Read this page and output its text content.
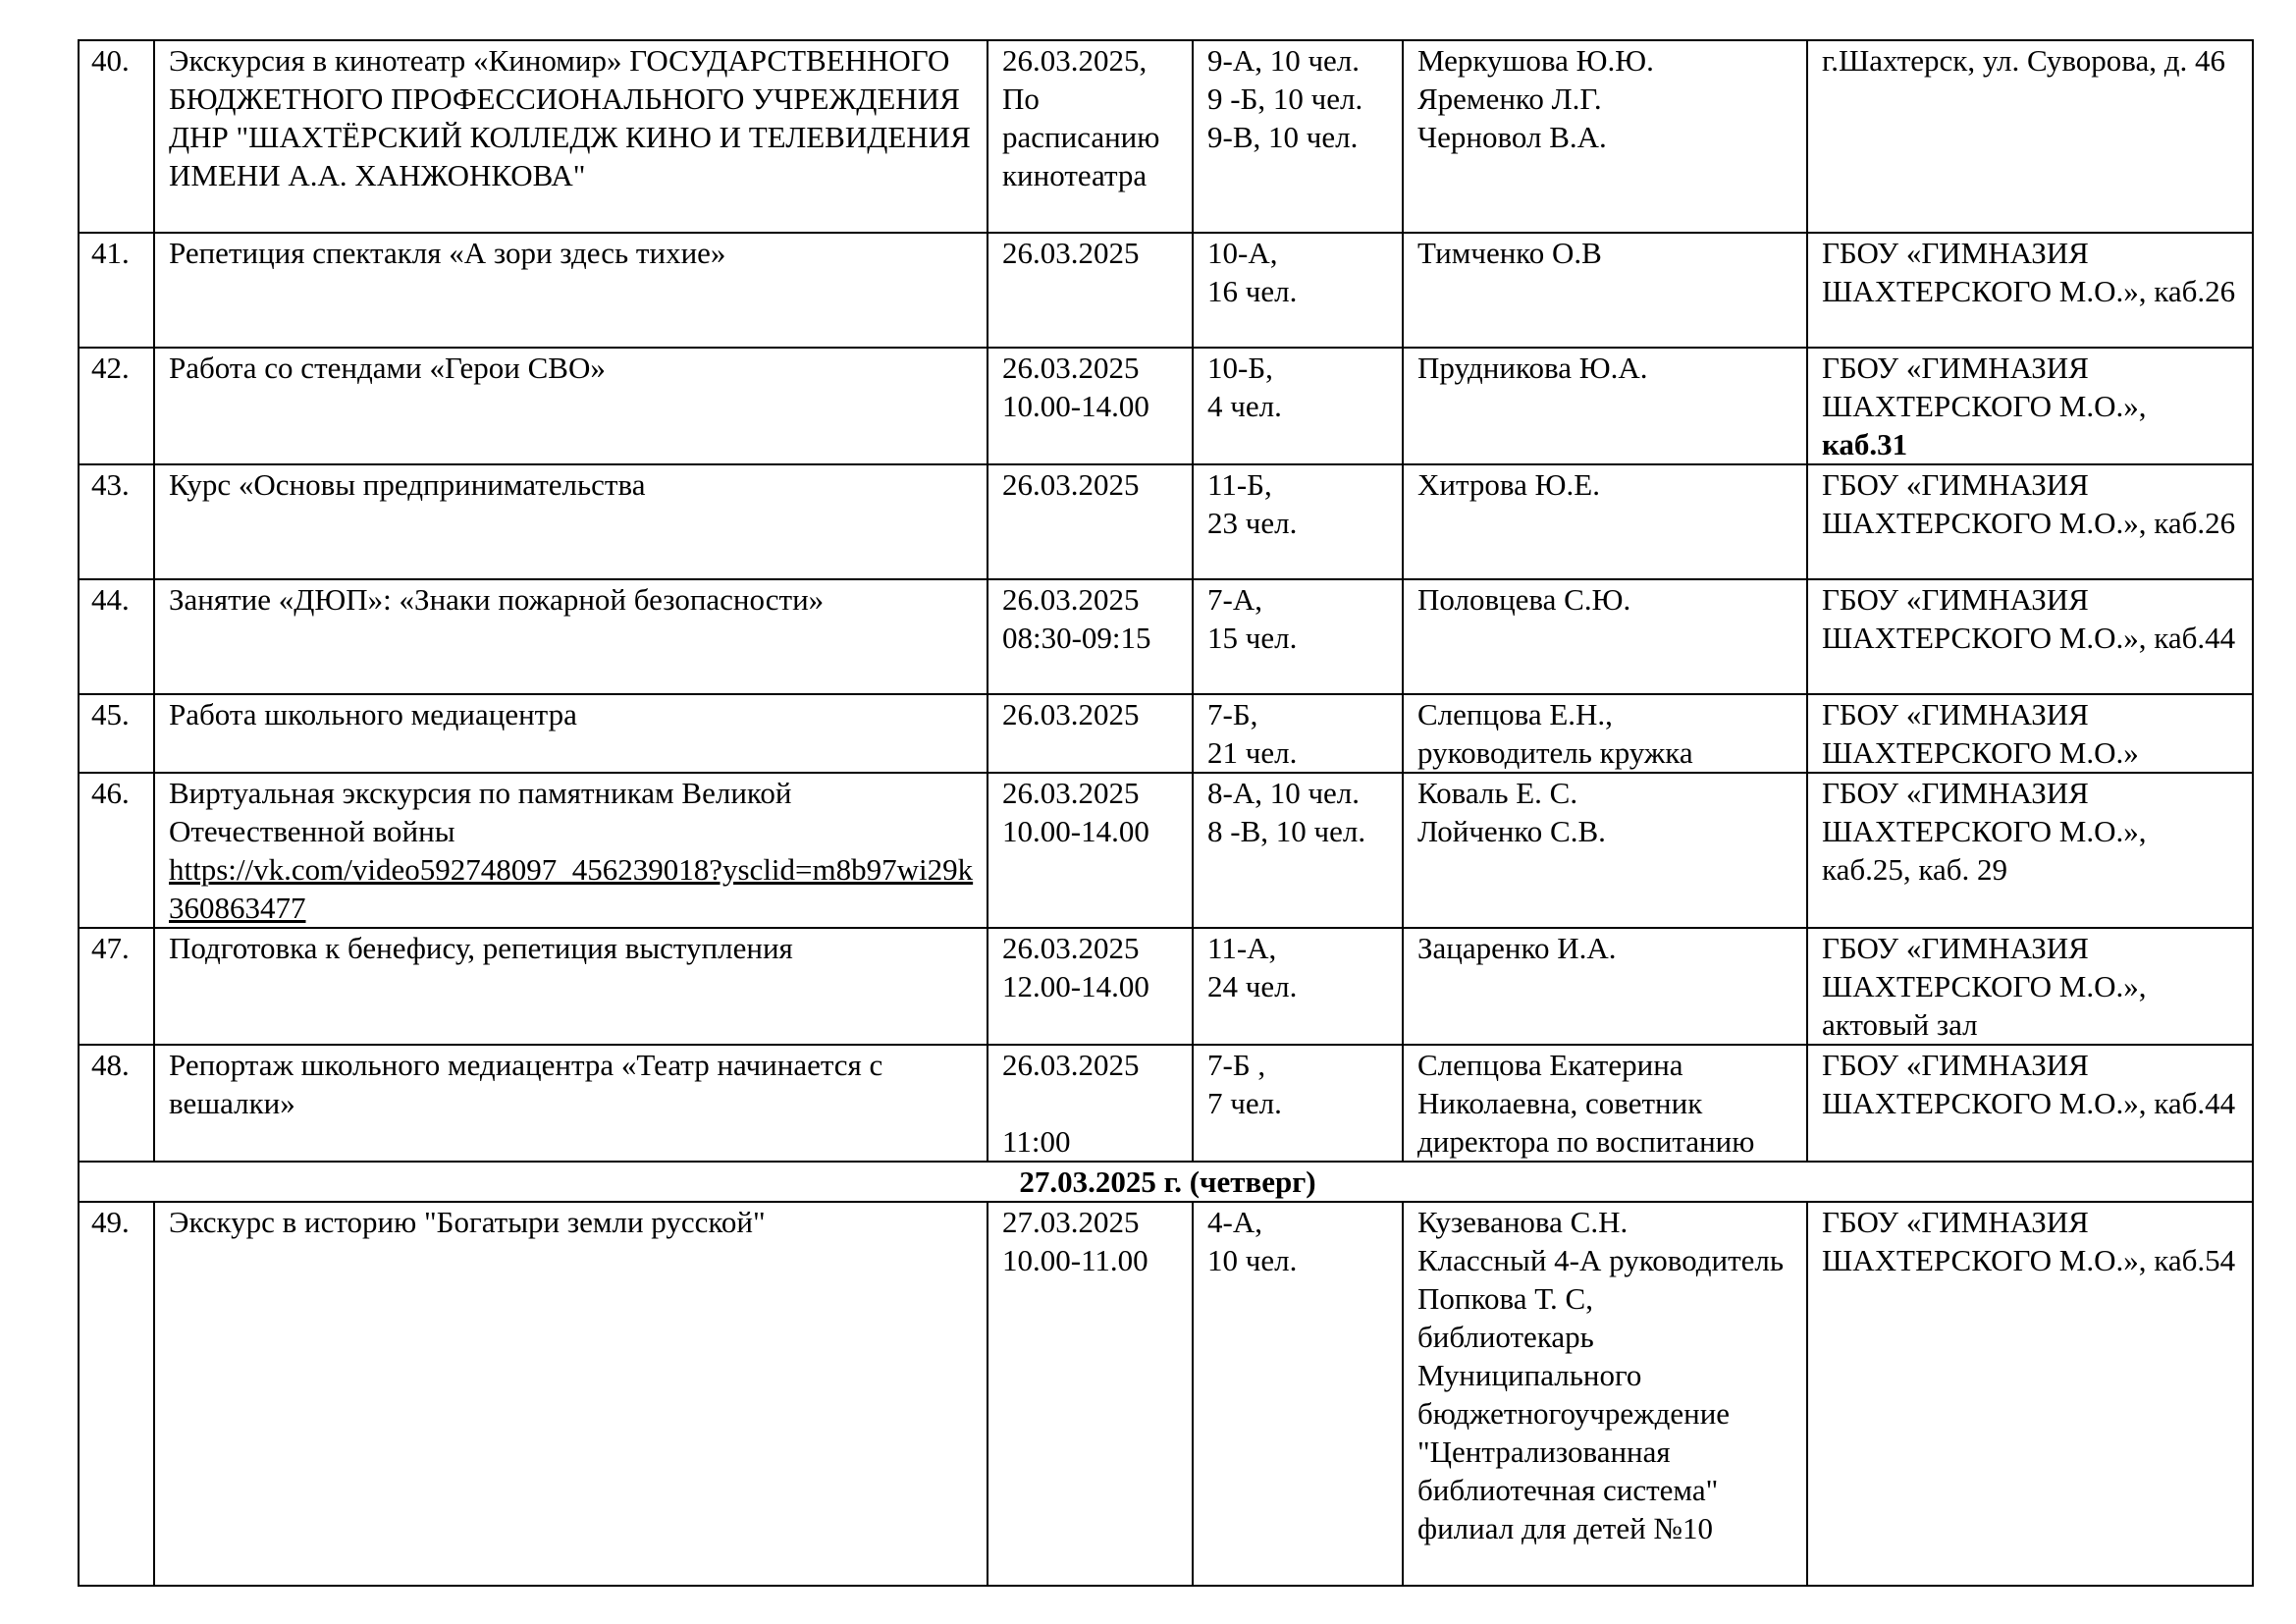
40.	Экскурсия в кинотеатр «Киномир» ГОСУДАРСТВЕННОГО БЮДЖЕТНОГО ПРОФЕССИОНАЛЬНОГО УЧРЕЖДЕНИЯ ДНР "ШАХТЁРСКИЙ КОЛЛЕДЖ КИНО И ТЕЛЕВИДЕНИЯ ИМЕНИ А.А. ХАНЖОНКОВА"	26.03.2025,
По
расписанию
кинотеатра	9-А, 10 чел.
9 -Б, 10 чел.
9-В, 10 чел.	Меркушова Ю.Ю.
Яременко Л.Г.
Черновол В.А.	г.Шахтерск, ул. Суворова, д. 46
41.	Репетиция спектакля «А зори здесь тихие»	26.03.2025	10-А,
16 чел.	Тимченко О.В	ГБОУ «ГИМНАЗИЯ ШАХТЕРСКОГО М.О.», каб.26
42.	Работа со стендами «Герои СВО»	26.03.2025
10.00-14.00	10-Б,
4 чел.	Прудникова Ю.А.	ГБОУ «ГИМНАЗИЯ ШАХТЕРСКОГО М.О.»,
каб.31
43.	Курс «Основы предпринимательства	26.03.2025	11-Б,
23 чел.	Хитрова Ю.Е.	ГБОУ «ГИМНАЗИЯ ШАХТЕРСКОГО М.О.», каб.26
44.	Занятие «ДЮП»: «Знаки пожарной безопасности»	26.03.2025
08:30-09:15	7-А,
15 чел.	Половцева С.Ю.	ГБОУ «ГИМНАЗИЯ ШАХТЕРСКОГО М.О.», каб.44
45.	Работа школьного медиацентра	26.03.2025	7-Б,
21 чел.	Слепцова Е.Н.,
руководитель кружка	ГБОУ «ГИМНАЗИЯ ШАХТЕРСКОГО М.О.»
46.	Виртуальная экскурсия по памятникам Великой Отечественной войны
https://vk.com/video592748097_456239018?ysclid=m8b97wi29k360863477	26.03.2025
10.00-14.00	8-А, 10 чел.
8 -В, 10 чел.	Коваль Е. С.
Лойченко С.В.	ГБОУ «ГИМНАЗИЯ ШАХТЕРСКОГО М.О.», каб.25, каб. 29
47.	Подготовка к бенефису, репетиция выступления	26.03.2025
12.00-14.00	11-А,
24 чел.	Зацаренко И.А.	ГБОУ «ГИМНАЗИЯ ШАХТЕРСКОГО М.О.», актовый зал
48.	Репортаж школьного медиацентра «Театр начинается с вешалки»	26.03.2025

11:00	7-Б ,
7 чел.	Слепцова Екатерина Николаевна, советник директора по воспитанию	ГБОУ «ГИМНАЗИЯ ШАХТЕРСКОГО М.О.», каб.44
27.03.2025 г. (четверг)					
49.	Экскурс в историю "Богатыри земли русской"	27.03.2025
10.00-11.00	4-А,
10 чел.	Кузеванова С.Н.
Классный 4-А руководитель Попкова Т. С,
библиотекарь Муниципального бюджетногоучреждение "Централизованная библиотечная система" филиал для детей №10	ГБОУ «ГИМНАЗИЯ ШАХТЕРСКОГО М.О.», каб.54
